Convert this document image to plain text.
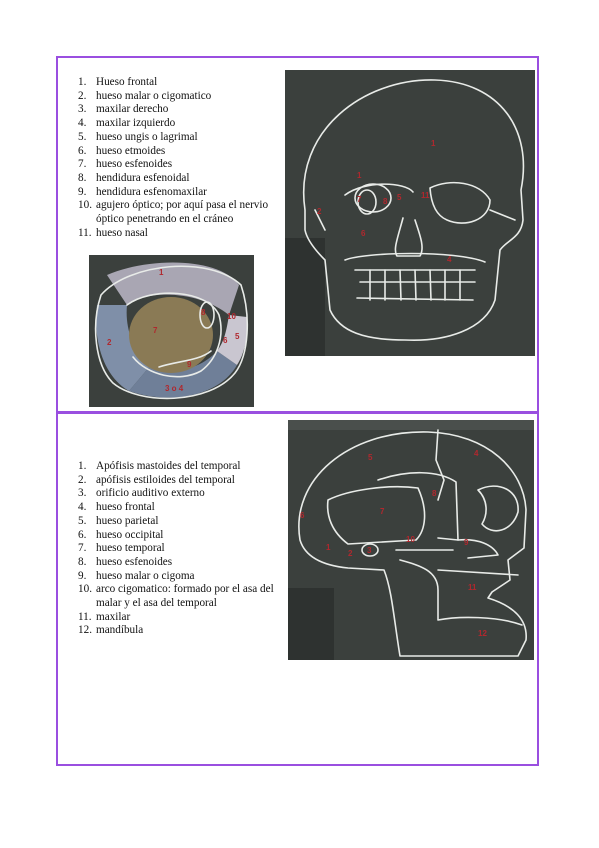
1. Hueso frontal
2. hueso malar o cigomatico
3. maxilar derecho
4. maxilar izquierdo
5. hueso ungis o lagrimal
6. hueso etmoides
7. hueso esfenoides
8. hendidura esfenoidal
9. hendidura esfenomaxilar
10. agujero óptico; por aquí pasa el nervio óptico penetrando en el cráneo
11. hueso nasal
1
1
2
7	8 5 11
6
4
1
7
8	10
2	6 5
9
3 o 4
1. Apófisis mastoides del temporal
2. apófisis estiloides del temporal
3. orificio auditivo externo
4. hueso frontal
5. hueso parietal
6. hueso occipital
7. hueso temporal
8. hueso esfenoides
9. hueso malar o cigoma
10. arco cigomatico: formado por el asa del malar y el asa del temporal
11. maxilar
12. mandíbula
5	4
8
7
6
1
2 3
10	9
11
12
